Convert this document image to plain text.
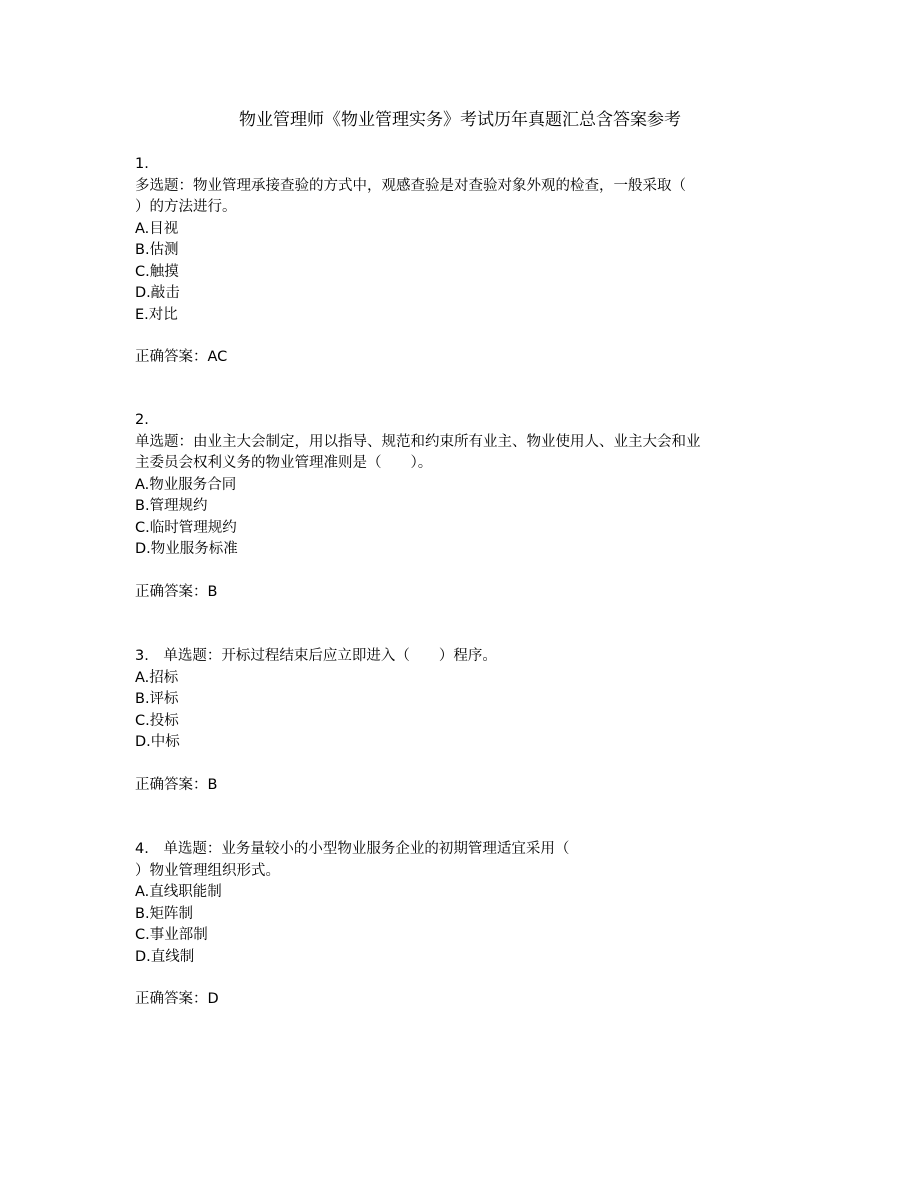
物业管理师《物业管理实务》考试历年真题汇总含答案参考
1.
多选题：物业管理承接查验的方式中，观感查验是对查验对象外观的检查，一般采取（
）的方法进行。
A.目视
B.估测
C.触摸
D.敲击
E.对比
正确答案：AC
2.
单选题：由业主大会制定，用以指导、规范和约束所有业主、物业使用人、业主大会和业
主委员会权利义务的物业管理准则是（　　）。
A.物业服务合同
B.管理规约
C.临时管理规约
D.物业服务标准
正确答案：B
3.　单选题：开标过程结束后应立即进入（　　）程序。
A.招标
B.评标
C.投标
D.中标
正确答案：B
4.　单选题：业务量较小的小型物业服务企业的初期管理适宜采用（
）物业管理组织形式。
A.直线职能制
B.矩阵制
C.事业部制
D.直线制
正确答案：D
